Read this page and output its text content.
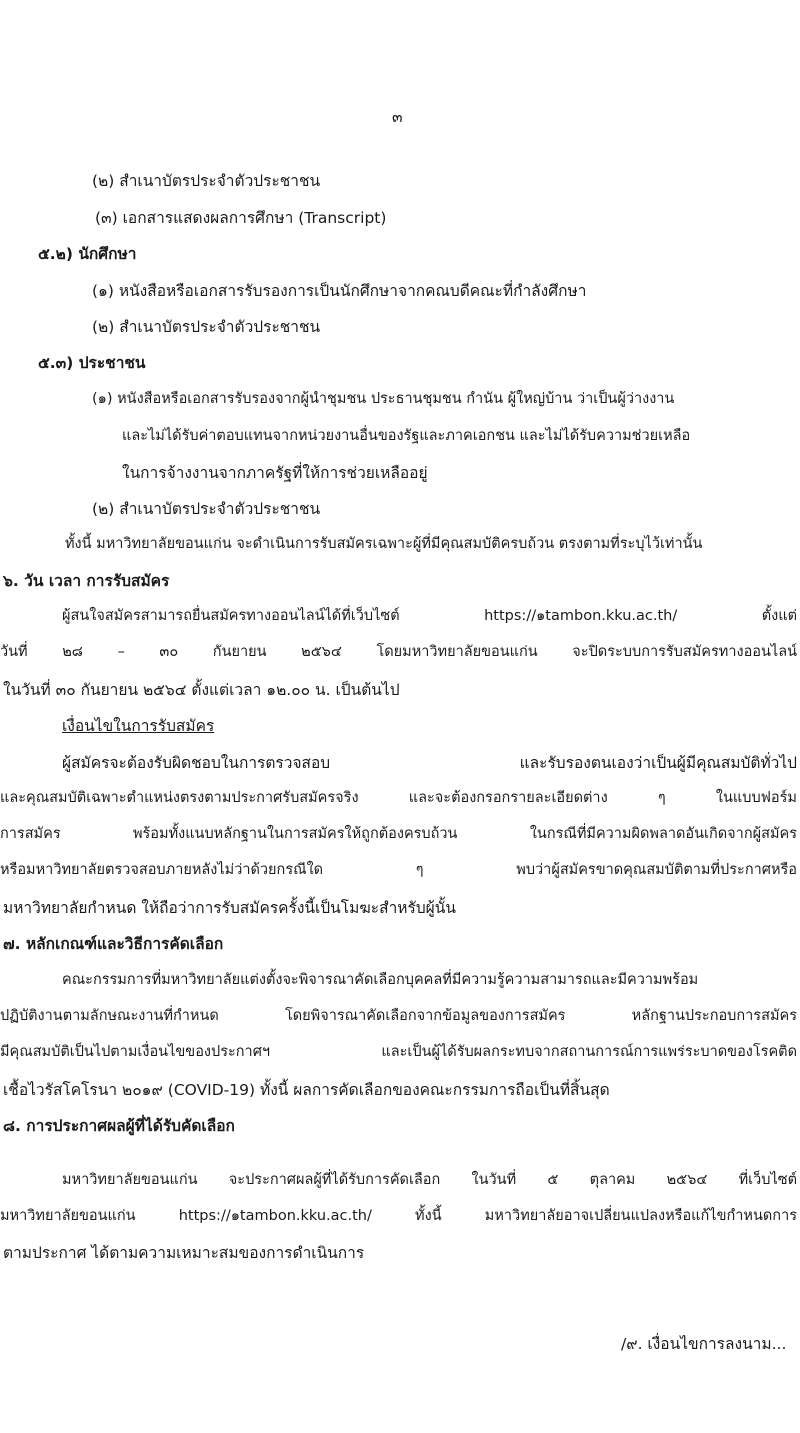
๓
(๒) สำเนาบัตรประจำตัวประชาชน
(๓) เอกสารแสดงผลการศึกษา (Transcript)
๕.๒) นักศึกษา
(๑) หนังสือหรือเอกสารรับรองการเป็นนักศึกษาจากคณบดีคณะที่กำลังศึกษา
(๒) สำเนาบัตรประจำตัวประชาชน
๕.๓) ประชาชน
(๑) หนังสือหรือเอกสารรับรองจากผู้นำชุมชน ประธานชุมชน กำนัน ผู้ใหญ่บ้าน ว่าเป็นผู้ว่างงาน
และไม่ได้รับค่าตอบแทนจากหน่วยงานอื่นของรัฐและภาคเอกชน และไม่ได้รับความช่วยเหลือ
ในการจ้างงานจากภาครัฐที่ให้การช่วยเหลืออยู่
(๒) สำเนาบัตรประจำตัวประชาชน
ทั้งนี้ มหาวิทยาลัยขอนแก่น จะดำเนินการรับสมัครเฉพาะผู้ที่มีคุณสมบัติครบถ้วน ตรงตามที่ระบุไว้เท่านั้น
๖. วัน เวลา การรับสมัคร
ผู้สนใจสมัครสามารถยื่นสมัครทางออนไลน์ได้ที่เว็บไซต์ https://๑tambon.kku.ac.th/ ตั้งแต่
วันที่ ๒๘ – ๓๐ กันยายน ๒๕๖๔ โดยมหาวิทยาลัยขอนแก่น จะปิดระบบการรับสมัครทางออนไลน์
ในวันที่ ๓๐ กันยายน ๒๕๖๔ ตั้งแต่เวลา ๑๒.๐๐ น. เป็นต้นไป
เงื่อนไขในการรับสมัคร
ผู้สมัครจะต้องรับผิดชอบในการตรวจสอบ และรับรองตนเองว่าเป็นผู้มีคุณสมบัติทั่วไป
และคุณสมบัติเฉพาะตำแหน่งตรงตามประกาศรับสมัครจริง และจะต้องกรอกรายละเอียดต่าง ๆ ในแบบฟอร์ม
การสมัคร พร้อมทั้งแนบหลักฐานในการสมัครให้ถูกต้องครบถ้วน ในกรณีที่มีความผิดพลาดอันเกิดจากผู้สมัคร
หรือมหาวิทยาลัยตรวจสอบภายหลังไม่ว่าด้วยกรณีใด ๆ พบว่าผู้สมัครขาดคุณสมบัติตามที่ประกาศหรือ
มหาวิทยาลัยกำหนด ให้ถือว่าการรับสมัครครั้งนี้เป็นโมฆะสำหรับผู้นั้น
๗. หลักเกณฑ์และวิธีการคัดเลือก
คณะกรรมการที่มหาวิทยาลัยแต่งตั้งจะพิจารณาคัดเลือกบุคคลที่มีความรู้ความสามารถและมีความพร้อม
ปฏิบัติงานตามลักษณะงานที่กำหนด โดยพิจารณาคัดเลือกจากข้อมูลของการสมัคร หลักฐานประกอบการสมัคร
มีคุณสมบัติเป็นไปตามเงื่อนไขของประกาศฯ และเป็นผู้ได้รับผลกระทบจากสถานการณ์การแพร่ระบาดของโรคติด
เชื้อไวรัสโคโรนา ๒๐๑๙ (COVID-19) ทั้งนี้ ผลการคัดเลือกของคณะกรรมการถือเป็นที่สิ้นสุด
๘. การประกาศผลผู้ที่ได้รับคัดเลือก
มหาวิทยาลัยขอนแก่น จะประกาศผลผู้ที่ได้รับการคัดเลือก ในวันที่ ๕ ตุลาคม ๒๕๖๔ ที่เว็บไซต์
มหาวิทยาลัยขอนแก่น https://๑tambon.kku.ac.th/ ทั้งนี้ มหาวิทยาลัยอาจเปลี่ยนแปลงหรือแก้ไขกำหนดการ
ตามประกาศ ได้ตามความเหมาะสมของการดำเนินการ
/๙. เงื่อนไขการลงนาม...
